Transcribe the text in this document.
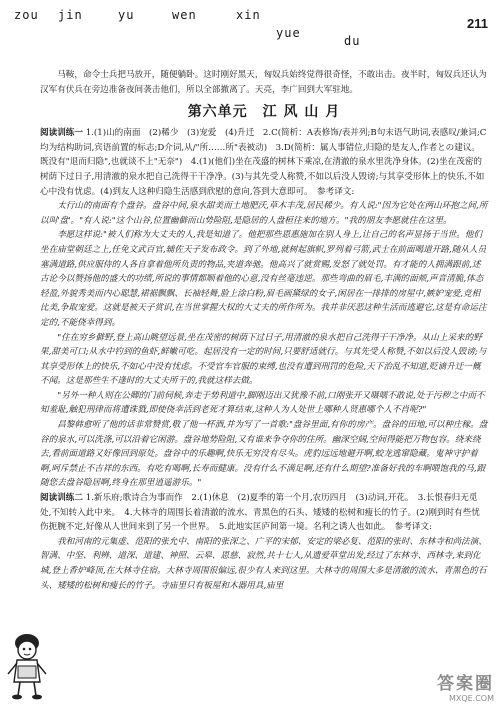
zou jin	yu	wen	xin
yue
du
211

马鞍，命令士兵把马放开，随便躺卧。这时刚好黑天，匈奴兵始终觉得很奇怪，不敢出击。夜半时，匈奴兵还认为汉军有伏兵在旁边准备夜间袭击他们，所以全部撤离了。天亮，李广回到大军驻地。

第六单元　江 风 山 月

阅读训练一 1.(1)山的南面　(2)稀少　(3)宠爱　(4)升迁　2.C(简析：A表修饰/表并列;B句末语气助词,表感叹/兼词;C均为结构助词,宾语前置的标志;D介词,从/"所……所"表被动)　3.D(简析：属人事错位,归隐的是友人,作者との建议。既没有"退而归隐",也就谈不上"无奈")　4.(1)(他们)坐在茂盛的树林下乘凉,在清澈的泉水里洗净身体。(2)坐在茂密的树荫下过日子,用清澈的泉水把自己洗得干干净净。(3)与其先受人称赞,不如以后没人毁谤;与其享受形体上的快乐,不如心中没有忧虑。(4)到友人这种归隐生活感到欣慰的意向,答到大意即可。　参考译文:

太行山的南面有个盘谷。盘谷中间,泉水甜美而土地肥沃,草木丰茂,居民稀少。有人说:"因为它处在两山环抱之间,所以叫'盘'。"有人说:"这个山谷,位置幽僻而山势险阻,是隐居的人盘桓往来的地方。"我的朋友李愿就住在这里。

李愿这样说:"被人们称为大丈夫的人,我是知道了。他把那些恩惠施加在别人身上,让自己的名声显扬于当世。他们坐在庙堂朝廷之上,任免文武百官,辅佐天子发布政令。到了外地,就树起旗帜,罗列着弓箭,武士在前面喝道开路,随从人员塞满道路,供应服侍的人各自拿着他所负责的物品,夹道奔驰。他高兴了就赏赐,发怒了就处罚。有才能的人拥满跟前,述古论今以赞扬他的盛大的功绩,所说的事情都顺着他的心意,没有丝毫违逆。那些弯曲的眉毛,丰满的面颊,声音清脆,体态轻盈,外貌秀美而内心聪慧,裙裾飘飘、长袖轻舞,脸上涂白粉,眉毛画黛绿的女子,闲居在一排排的房屋中,嫉妒宠爱,竞相比美,争取宠爱。这就是被天子赏识,在当世掌握大权的大丈夫的所作所为。我并非厌恶这种生活而逃避它,这是有命运注定的,不能侥幸得到。

"住在穷乡僻野,登上高山眺望远景,坐在茂密的树荫下过日子,用清澈的泉水把自己洗得干干净净。从山上采来的野果,甜美可口;从水中钓到的鱼虾,鲜嫩可吃。起居没有一定的时间,只要舒适就行。与其先受人称赞,不如以后没人毁谤;与其享受形体上的快乐,不如心中没有忧虑。不受官车官服的束缚,也没有遭到刑罚的危险,天下治乱不知道,贬谪升迁一概不闻。这是那些生不逢时的大丈夫所干的,我就这样去做。

"另外一种人则在公卿的门前伺候,奔走于势利道中,脚刚迈出又犹豫不前,口刚张开又嗫嚅不敢说,处于污秽之中而不知羞耻,触犯刑律而将遭诛戮,即使侥幸活到老死才算结束,这种人为人处世上哪种人贤惠哪个人不肖呢?"

昌黎韩愈听了他的话非常赞赏,敬了他一杯酒,并为写了一首歌:"盘谷里面,有你的房产。盘谷的田地,可以种庄稼。盘谷的泉水,可以洗涤,可以沿着它闲游。盘谷地势险阻,又有谁来争夺你的住所。幽深空阔,空间得能把万物包容。绕来绕去,看前面道路又好像回到原处。盘谷中的乐趣啊,快乐无穷没有尽头。虎豹远远地避开啊,蛟龙逃窜隐藏。鬼神守护着啊,呵斥禁止不吉祥的东西。有吃有喝啊,长寿而健康。没有什么不满足啊,还有什么期望?准备好我的车啊喂饱我的马,跟随您去盘谷隐居啊,终身在那里逍遥游乐。"

阅读训练二 1.新乐府;歌诗合为事而作　2.(1)休息　(2)夏季的第一个月,农历四月　(3)动词,开花。　3.长恨春归无觅处,不知转入此中来。　4.大林寺的周围长着清澈的流水、青黑色的石头、矮矮的松树和瘦长的竹子。(2)刚到时有些忧伤扼腕不定,好像从人世间来到了另一个世界。　5.此地实匡庐间第一境。名利之诱人也如此。　参考译文:

我和河南的元集虚、范阳的张允中、南阳的张深之、广平的宋郁、安定的梁必复、范阳的张时、东林寺和尚法演、智满、中坚、利辨、道深、道建、神照、云皋、恩慈、寂然,共十七人,从遗爱草堂出发,经过了东林寺、西林寺,来到化城,登上香炉峰顶,在大林寺住宿。大林寺周围很偏远,很少有人来到这里。大林寺的周围大多是清澈的流水、青黑色的石头、矮矮的松树和瘦长的竹子。寺庙里只有板屋和木器用具,庙里

答案圈
MXQE.COM
